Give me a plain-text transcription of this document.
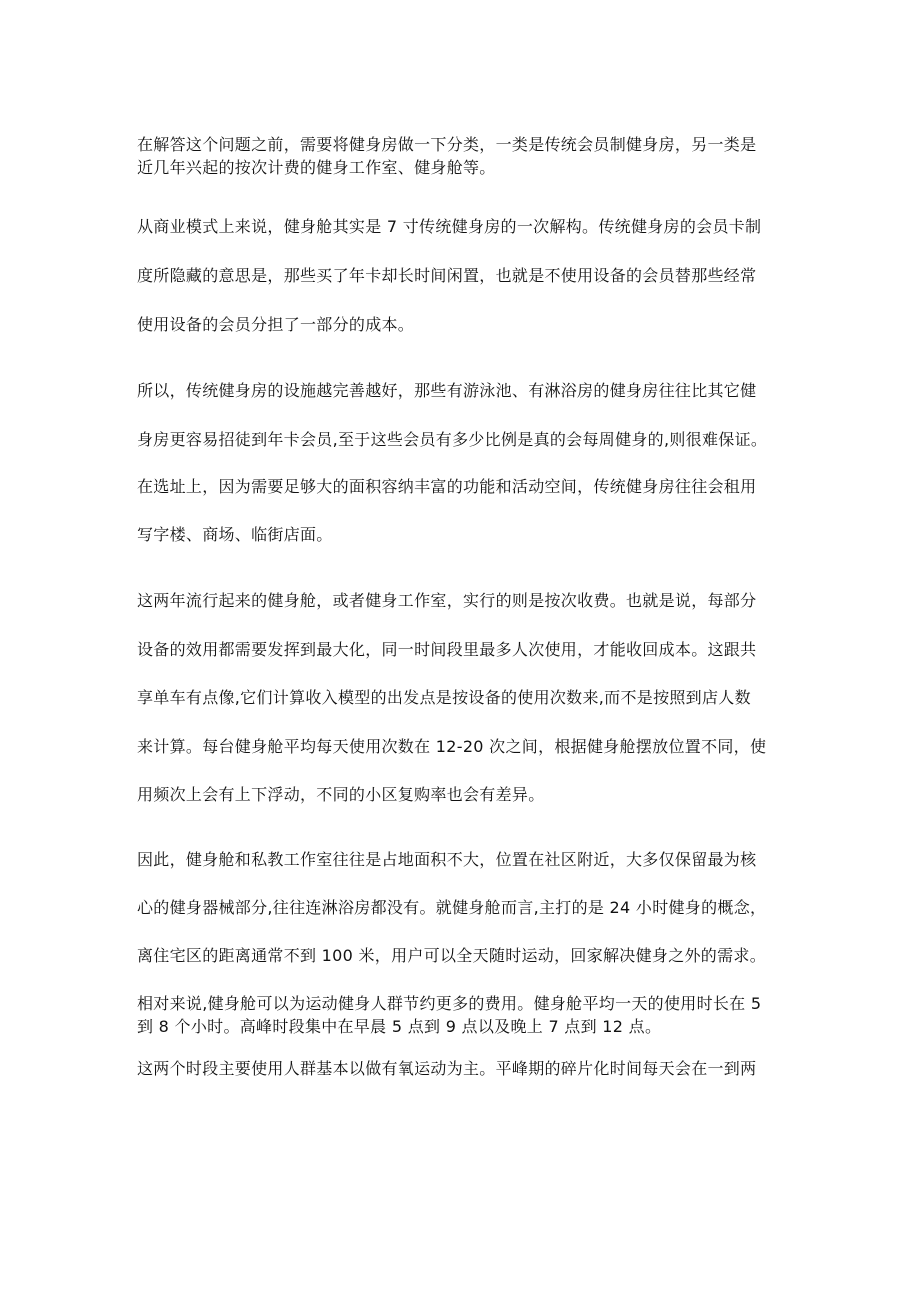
在解答这个问题之前，需要将健身房做一下分类，一类是传统会员制健身房，另一类是
近几年兴起的按次计费的健身工作室、健身舱等。
从商业模式上来说，健身舱其实是 7 寸传统健身房的一次解构。传统健身房的会员卡制
度所隐藏的意思是，那些买了年卡却长时间闲置，也就是不使用设备的会员替那些经常
使用设备的会员分担了一部分的成本。
所以，传统健身房的设施越完善越好，那些有游泳池、有淋浴房的健身房往往比其它健
身房更容易招徒到年卡会员,至于这些会员有多少比例是真的会每周健身的,则很难保证。
在选址上，因为需要足够大的面积容纳丰富的功能和活动空间，传统健身房往往会租用
写字楼、商场、临街店面。
这两年流行起来的健身舱，或者健身工作室，实行的则是按次收费。也就是说，每部分
设备的效用都需要发挥到最大化，同一时间段里最多人次使用，才能收回成本。这跟共
享单车有点像,它们计算收入模型的出发点是按设备的使用次数来,而不是按照到店人数
来计算。每台健身舱平均每天使用次数在 12-20 次之间，根据健身舱摆放位置不同，使
用频次上会有上下浮动，不同的小区复购率也会有差异。
因此，健身舱和私教工作室往往是占地面积不大，位置在社区附近，大多仅保留最为核
心的健身器械部分,往往连淋浴房都没有。就健身舱而言,主打的是 24 小时健身的概念，
离住宅区的距离通常不到 100 米，用户可以全天随时运动，回家解决健身之外的需求。
相对来说,健身舱可以为运动健身人群节约更多的费用。健身舱平均一天的使用时长在 5
到 8 个小时。高峰时段集中在早晨 5 点到 9 点以及晚上 7 点到 12 点。
这两个时段主要使用人群基本以做有氧运动为主。平峰期的碎片化时间每天会在一到两
